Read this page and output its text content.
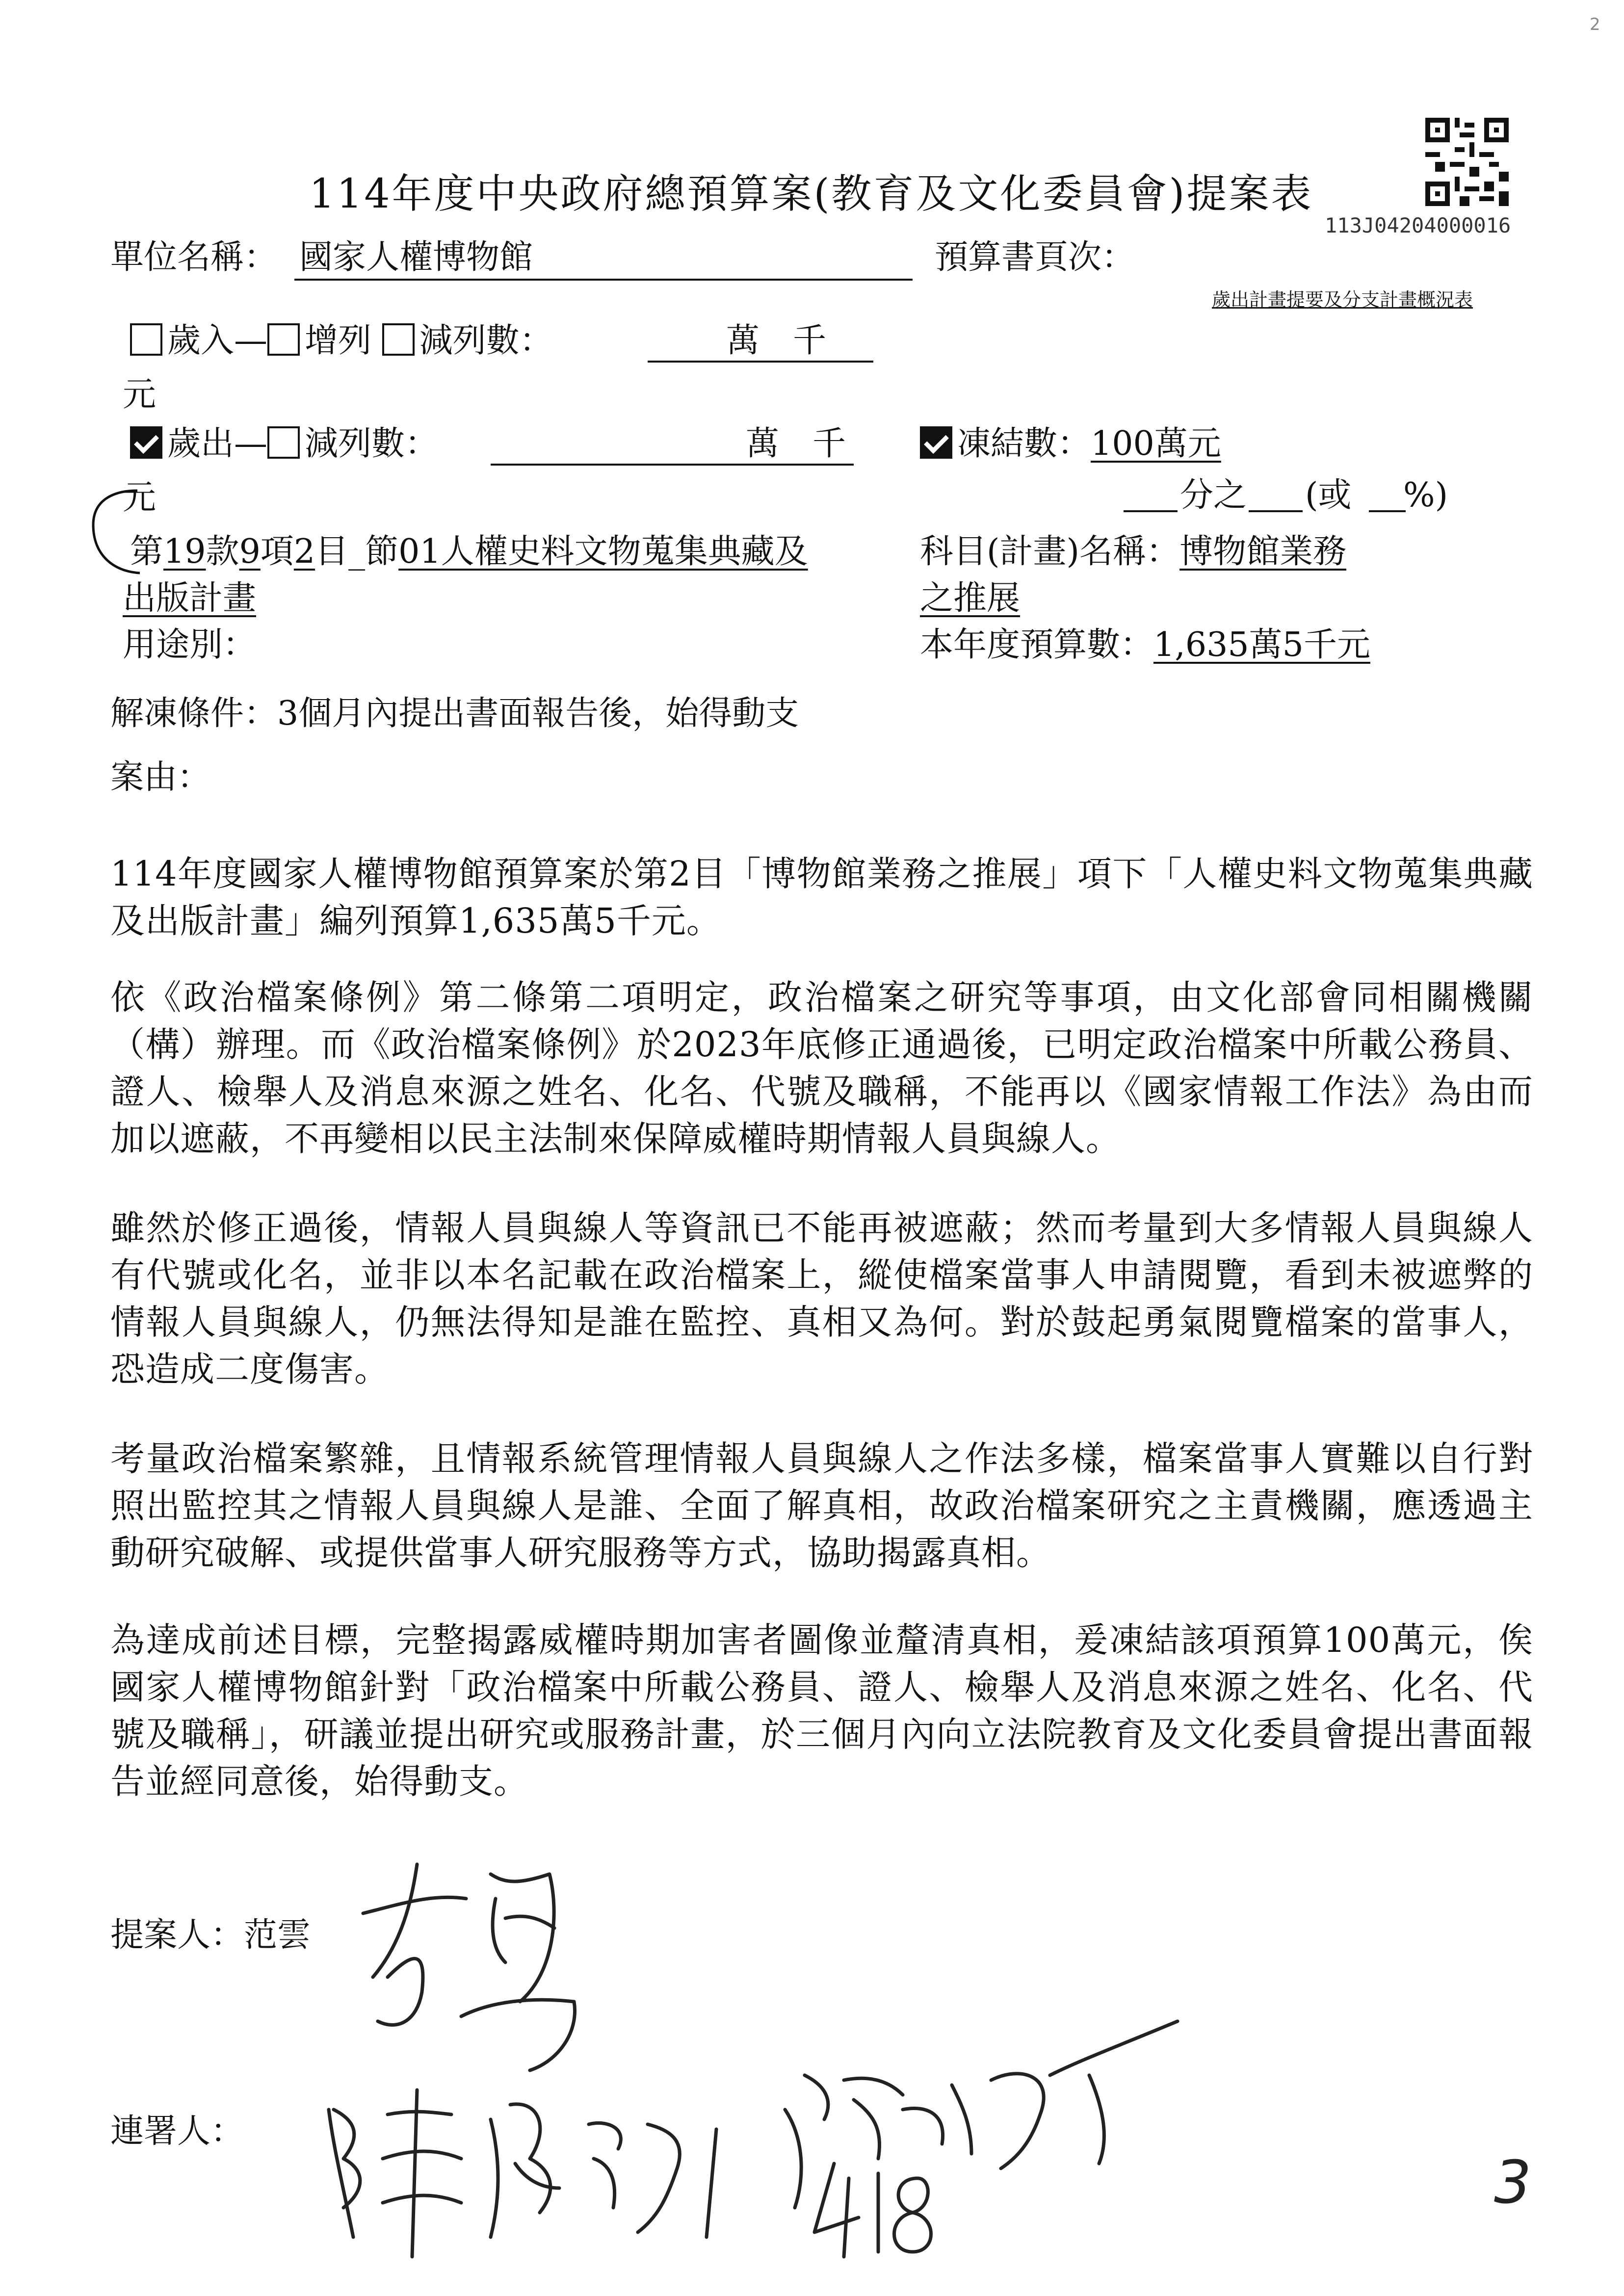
2
113J04204000016
114年度中央政府總預算案(教育及文化委員會)提案表
單位名稱： 國家人權博物館	預算書頁次：
歲出計畫提要及分支計畫概況表
歲入— 增列 減列數：	萬　千
元
歲出— 減列數：	萬　千	凍結數：100萬元
分之 (或 %)
元
第19款9項2目_節01人權史料文物蒐集典藏及
出版計畫
科目(計畫)名稱：博物館業務
之推展
用途別：	本年度預算數：1,635萬5千元
解凍條件：3個月內提出書面報告後，始得動支
案由：
114年度國家人權博物館預算案於第2目「博物館業務之推展」項下「人權史料文物蒐集典藏及出版計畫」編列預算1,635萬5千元。
依《政治檔案條例》第二條第二項明定，政治檔案之研究等事項，由文化部會同相關機關（構）辦理。而《政治檔案條例》於2023年底修正通過後，已明定政治檔案中所載公務員、證人、檢舉人及消息來源之姓名、化名、代號及職稱，不能再以《國家情報工作法》為由而加以遮蔽，不再變相以民主法制來保障威權時期情報人員與線人。
雖然於修正過後，情報人員與線人等資訊已不能再被遮蔽；然而考量到大多情報人員與線人有代號或化名，並非以本名記載在政治檔案上，縱使檔案當事人申請閱覽，看到未被遮弊的情報人員與線人，仍無法得知是誰在監控、真相又為何。對於鼓起勇氣閱覽檔案的當事人，恐造成二度傷害。
考量政治檔案繁雜，且情報系統管理情報人員與線人之作法多樣，檔案當事人實難以自行對照出監控其之情報人員與線人是誰、全面了解真相，故政治檔案研究之主責機關，應透過主動研究破解、或提供當事人研究服務等方式，協助揭露真相。
為達成前述目標，完整揭露威權時期加害者圖像並釐清真相，爰凍結該項預算100萬元，俟國家人權博物館針對「政治檔案中所載公務員、證人、檢舉人及消息來源之姓名、化名、代號及職稱」，研議並提出研究或服務計畫，於三個月內向立法院教育及文化委員會提出書面報告並經同意後，始得動支。
提案人：范雲
連署人：
3
